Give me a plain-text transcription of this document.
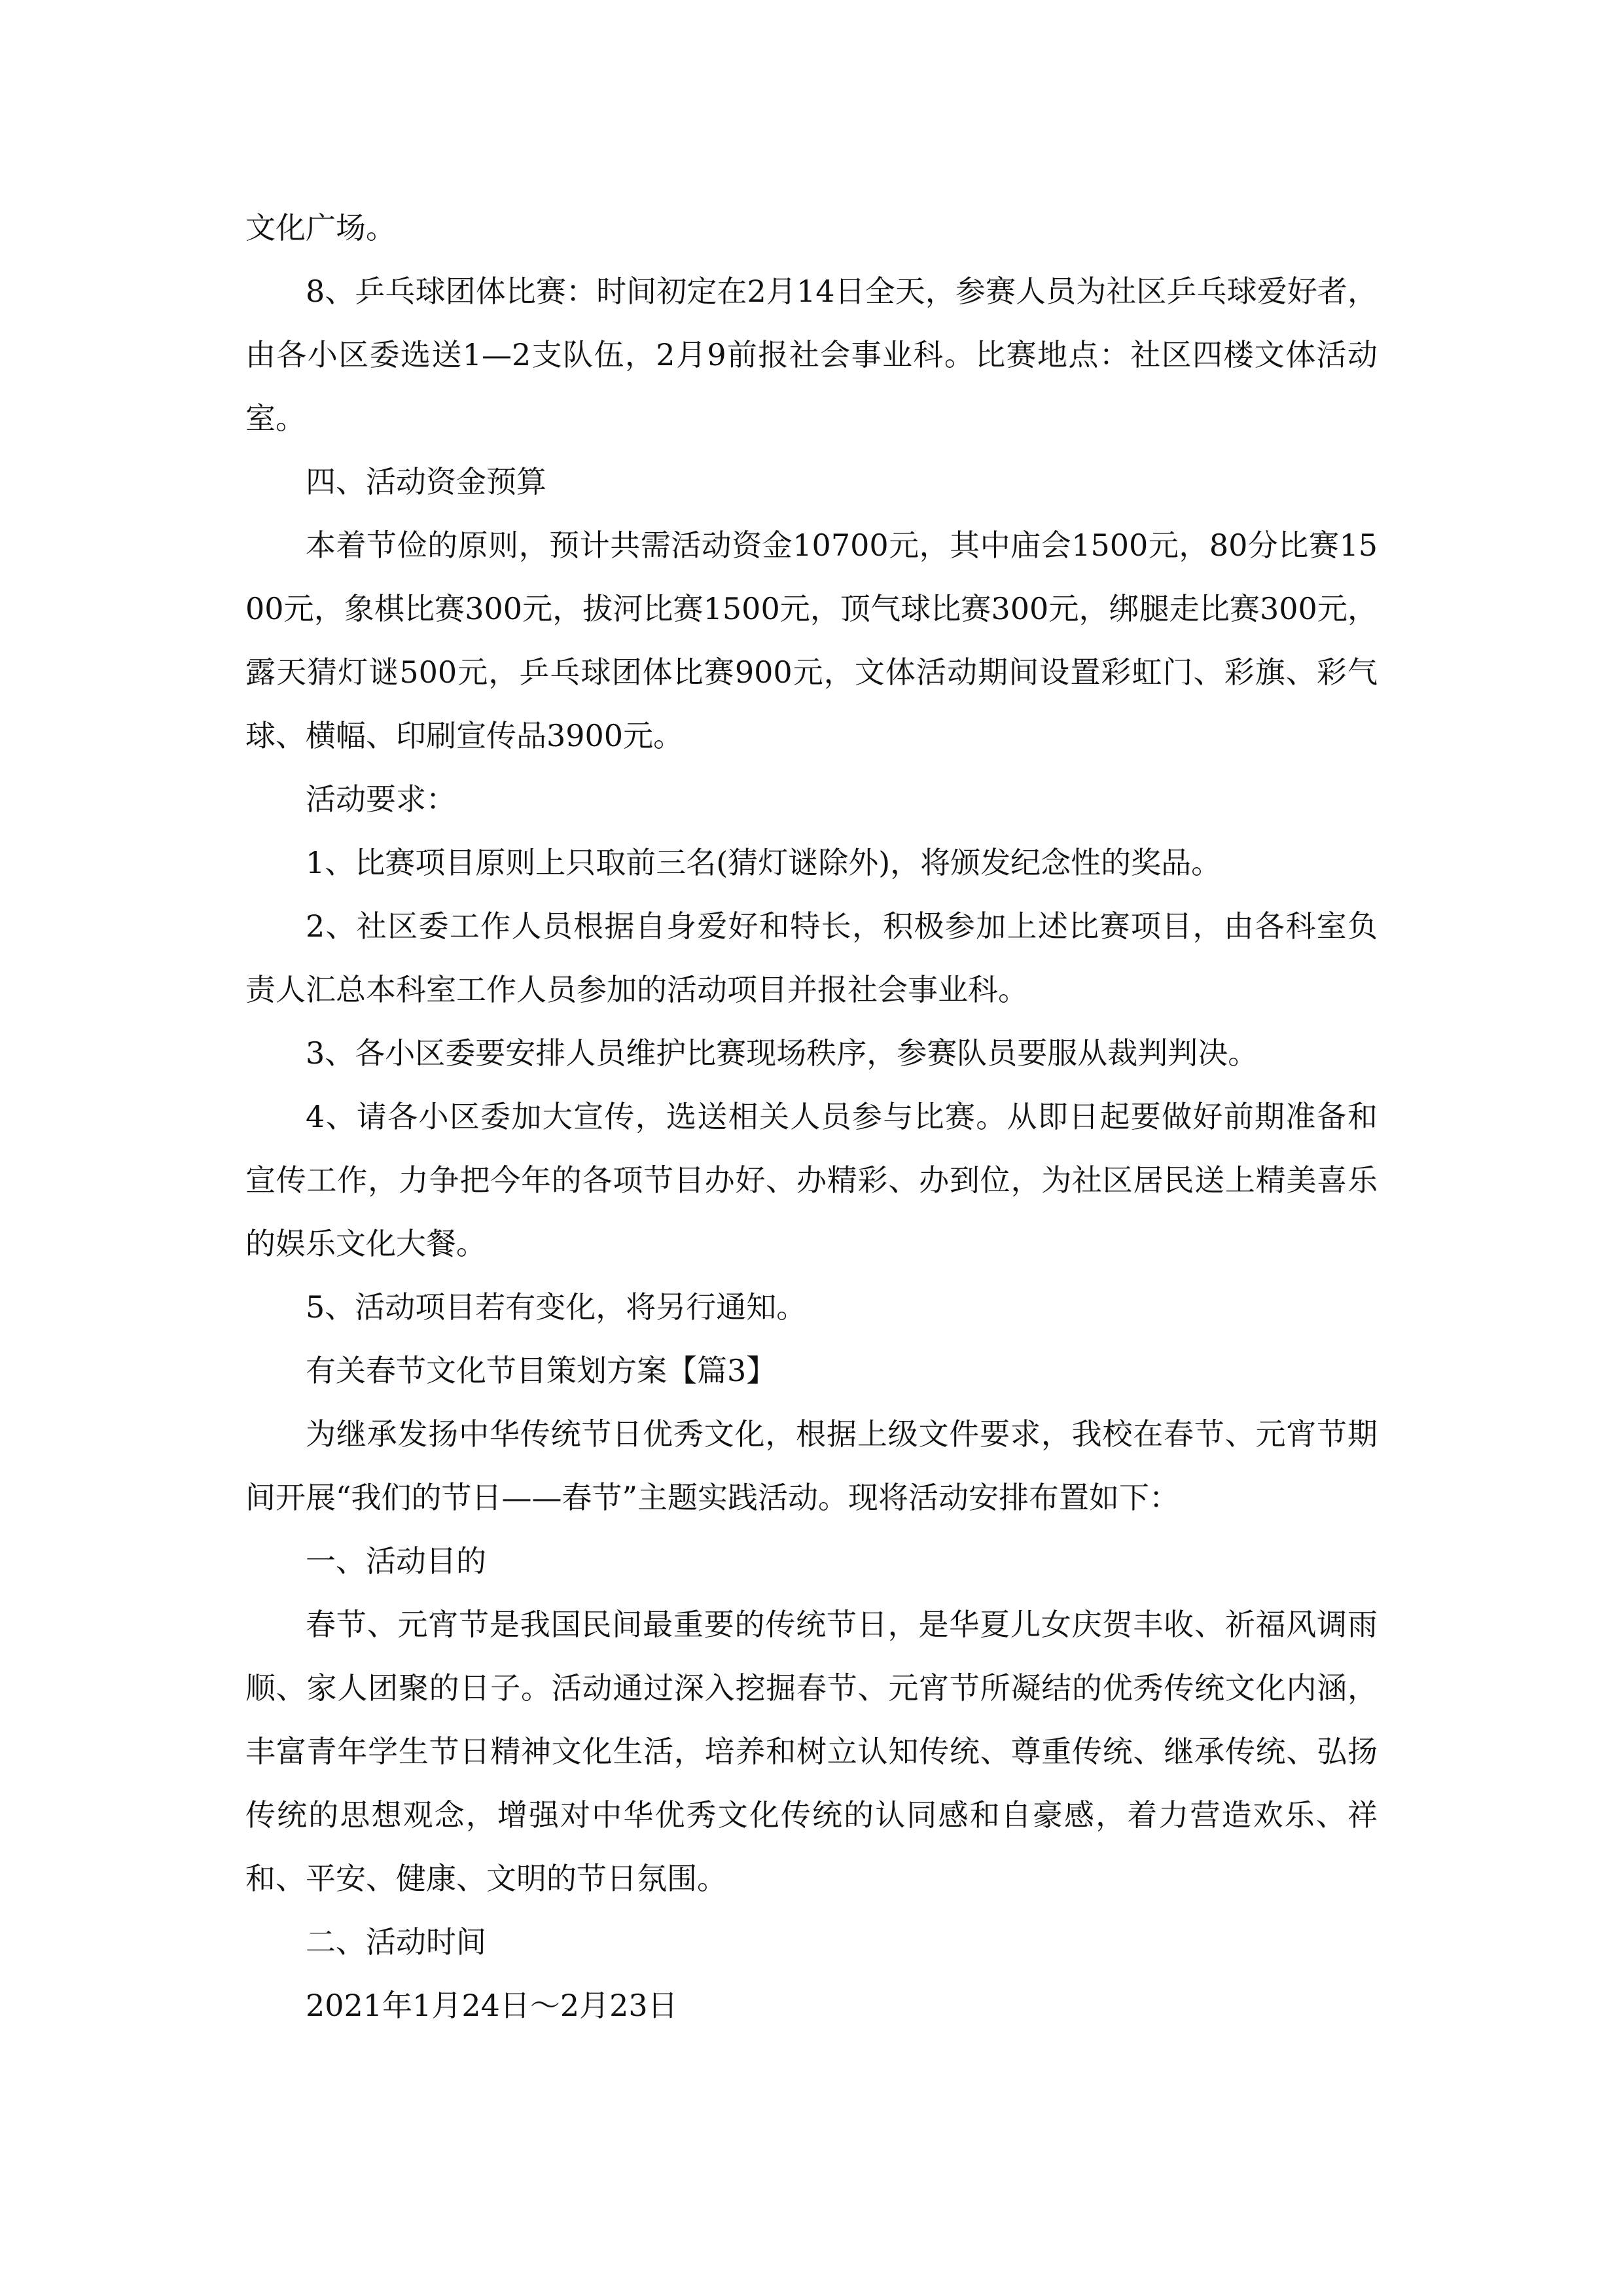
文化广场。

8、乒乓球团体比赛：时间初定在2月14日全天，参赛人员为社区乒乓球爱好者，由各小区委选送1—2支队伍，2月9前报社会事业科。比赛地点：社区四楼文体活动室。

四、活动资金预算

本着节俭的原则，预计共需活动资金10700元，其中庙会1500元，80分比赛1500元，象棋比赛300元，拔河比赛1500元，顶气球比赛300元，绑腿走比赛300元，露天猜灯谜500元，乒乓球团体比赛900元，文体活动期间设置彩虹门、彩旗、彩气球、横幅、印刷宣传品3900元。

活动要求：

1、比赛项目原则上只取前三名(猜灯谜除外)，将颁发纪念性的奖品。

2、社区委工作人员根据自身爱好和特长，积极参加上述比赛项目，由各科室负责人汇总本科室工作人员参加的活动项目并报社会事业科。

3、各小区委要安排人员维护比赛现场秩序，参赛队员要服从裁判判决。

4、请各小区委加大宣传，选送相关人员参与比赛。从即日起要做好前期准备和宣传工作，力争把今年的各项节目办好、办精彩、办到位，为社区居民送上精美喜乐的娱乐文化大餐。

5、活动项目若有变化，将另行通知。

有关春节文化节目策划方案【篇3】

为继承发扬中华传统节日优秀文化，根据上级文件要求，我校在春节、元宵节期间开展“我们的节日——春节”主题实践活动。现将活动安排布置如下：

一、活动目的

春节、元宵节是我国民间最重要的传统节日，是华夏儿女庆贺丰收、祈福风调雨顺、家人团聚的日子。活动通过深入挖掘春节、元宵节所凝结的优秀传统文化内涵，丰富青年学生节日精神文化生活，培养和树立认知传统、尊重传统、继承传统、弘扬传统的思想观念，增强对中华优秀文化传统的认同感和自豪感，着力营造欢乐、祥和、平安、健康、文明的节日氛围。

二、活动时间

2021年1月24日～2月23日
